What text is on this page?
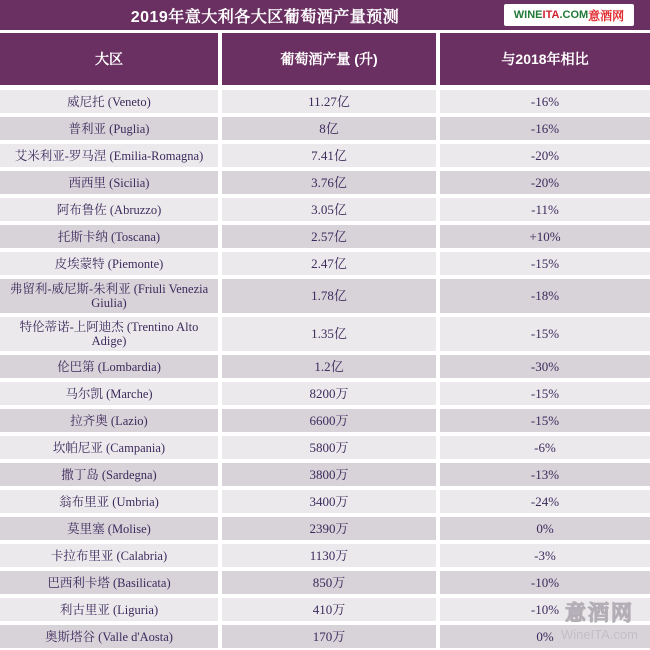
2019年意大利各大区葡萄酒产量预测	WINE ITA .COM 意酒网
大区	葡萄酒产量 (升)	与2018年相比
威尼托 (Veneto)	11.27亿	-16%
普利亚 (Puglia)	8亿	-16%
艾米利亚-罗马涅 (Emilia-Romagna)	7.41亿	-20%
西西里 (Sicilia)	3.76亿	-20%
阿布鲁佐 (Abruzzo)	3.05亿	-11%
托斯卡纳 (Toscana)	2.57亿	+10%
皮埃蒙特 (Piemonte)	2.47亿	-15%
弗留利-威尼斯-朱利亚 (Friuli Venezia Giulia)	1.78亿	-18%
特伦蒂诺-上阿迪杰 (Trentino Alto Adige)	1.35亿	-15%
伦巴第 (Lombardia)	1.2亿	-30%
马尔凯 (Marche)	8200万	-15%
拉齐奥 (Lazio)	6600万	-15%
坎帕尼亚 (Campania)	5800万	-6%
撒丁岛 (Sardegna)	3800万	-13%
翁布里亚 (Umbria)	3400万	-24%
莫里塞 (Molise)	2390万	0%
卡拉布里亚 (Calabria)	1130万	-3%
巴西利卡塔 (Basilicata)	850万	-10%
利古里亚 (Liguria)	410万	-10%
奥斯塔谷 (Valle d'Aosta)	170万	0%
意酒网
WineITA.com
